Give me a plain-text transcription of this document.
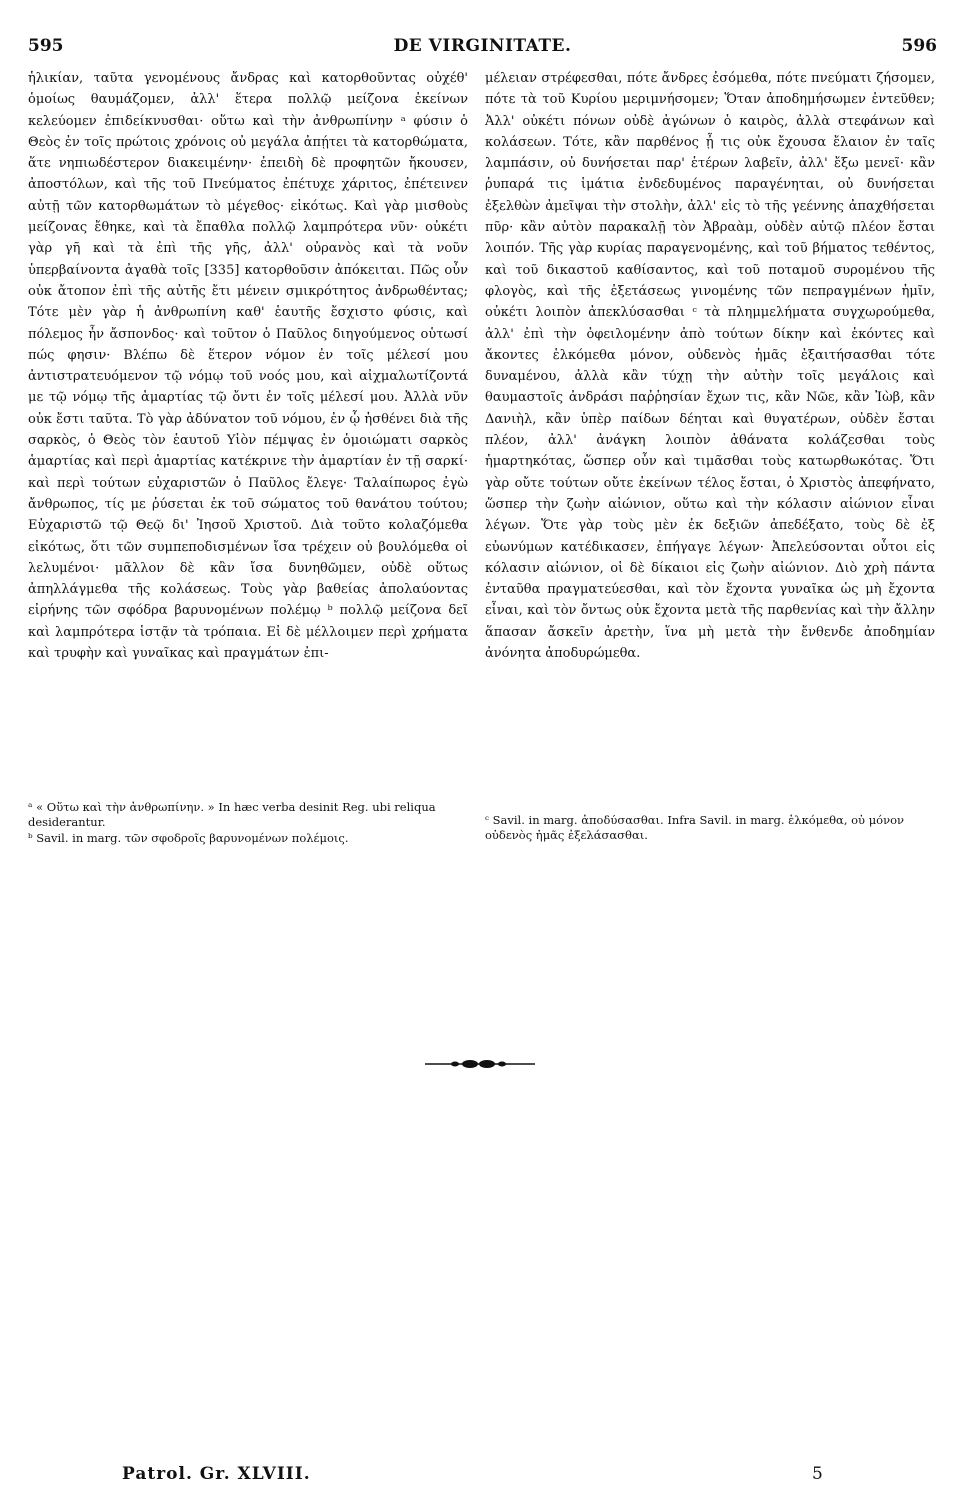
595	DE VIRGINITATE.	596

ἡλικίαν, ταῦτα γενομένους ἄνδρας καὶ κατορθοῦντας οὐχέθ' ὁμοίως θαυμάζομεν, ἀλλ' ἕτερα πολλῷ μείζονα ἐκείνων κελεύομεν ἐπιδείκνυσθαι· οὕτω καὶ τὴν ἀνθρωπίνην ᵃ φύσιν ὁ Θεὸς ἐν τοῖς πρώτοις χρόνοις οὐ μεγάλα ἀπῄτει τὰ κατορθώματα, ἅτε νηπιωδέστερον διακειμένην· ἐπειδὴ δὲ προφητῶν ἤκουσεν, ἀποστόλων, καὶ τῆς τοῦ Πνεύματος ἐπέτυχε χάριτος, ἐπέτεινεν αὐτῇ τῶν κατορθωμάτων τὸ μέγεθος· εἰκότως. Καὶ γὰρ μισθοὺς μείζονας ἔθηκε, καὶ τὰ ἔπαθλα πολλῷ λαμπρότερα νῦν· οὐκέτι γὰρ γῆ καὶ τὰ ἐπὶ τῆς γῆς, ἀλλ' οὐρανὸς καὶ τὰ νοῦν ὑπερβαίνοντα ἀγαθὰ τοῖς [335] κατορθοῦσιν ἀπόκειται. Πῶς οὖν οὐκ ἄτοπον ἐπὶ τῆς αὐτῆς ἔτι μένειν σμικρότητος ἀνδρωθέντας; Τότε μὲν γὰρ ἡ ἀνθρωπίνη καθ' ἑαυτῆς ἔσχιστο φύσις, καὶ πόλεμος ἦν ἄσπονδος· καὶ τοῦτον ὁ Παῦλος διηγούμενος οὑτωσί πώς φησιν· Βλέπω δὲ ἕτερον νόμον ἐν τοῖς μέλεσί μου ἀντιστρατευόμενον τῷ νόμῳ τοῦ νοός μου, καὶ αἰχμαλωτίζοντά με τῷ νόμῳ τῆς ἁμαρτίας τῷ ὄντι ἐν τοῖς μέλεσί μου. Ἀλλὰ νῦν οὐκ ἔστι ταῦτα. Τὸ γὰρ ἀδύνατον τοῦ νόμου, ἐν ᾧ ἠσθένει διὰ τῆς σαρκὸς, ὁ Θεὸς τὸν ἑαυτοῦ Υἱὸν πέμψας ἐν ὁμοιώματι σαρκὸς ἁμαρτίας καὶ περὶ ἁμαρτίας κατέκρινε τὴν ἁμαρτίαν ἐν τῇ σαρκί· καὶ περὶ τούτων εὐχαριστῶν ὁ Παῦλος ἔλεγε· Ταλαίπωρος ἐγὼ ἄνθρωπος, τίς με ῥύσεται ἐκ τοῦ σώματος τοῦ θανάτου τούτου; Εὐχαριστῶ τῷ Θεῷ δι' Ἰησοῦ Χριστοῦ. Διὰ τοῦτο κολαζόμεθα εἰκότως, ὅτι τῶν συμπεποδισμένων ἴσα τρέχειν οὐ βουλόμεθα οἱ λελυμένοι· μᾶλλον δὲ κἂν ἴσα δυνηθῶμεν, οὐδὲ οὕτως ἀπηλλάγμεθα τῆς κολάσεως. Τοὺς γὰρ βαθείας ἀπολαύοντας εἰρήνης τῶν σφόδρα βαρυνομένων πολέμῳ ᵇ πολλῷ μείζονα δεῖ καὶ λαμπρότερα ἱστᾷν τὰ τρόπαια. Εἰ δὲ μέλλοιμεν περὶ χρήματα καὶ τρυφὴν καὶ γυναῖκας καὶ πραγμάτων ἐπι-

μέλειαν στρέφεσθαι, πότε ἄνδρες ἐσόμεθα, πότε πνεύματι ζήσομεν, πότε τὰ τοῦ Κυρίου μεριμνήσομεν; Ὅταν ἀποδημήσωμεν ἐντεῦθεν; Ἀλλ' οὐκέτι πόνων οὐδὲ ἀγώνων ὁ καιρὸς, ἀλλὰ στεφάνων καὶ κολάσεων. Τότε, κἂν παρθένος ᾖ τις οὐκ ἔχουσα ἔλαιον ἐν ταῖς λαμπάσιν, οὐ δυνήσεται παρ' ἑτέρων λαβεῖν, ἀλλ' ἔξω μενεῖ· κἂν ῥυπαρά τις ἱμάτια ἐνδεδυμένος παραγένηται, οὐ δυνήσεται ἐξελθὼν ἀμεῖψαι τὴν στολὴν, ἀλλ' εἰς τὸ τῆς γεέννης ἀπαχθήσεται πῦρ· κἂν αὐτὸν παρακαλῇ τὸν Ἀβραὰμ, οὐδὲν αὐτῷ πλέον ἔσται λοιπόν. Τῆς γὰρ κυρίας παραγενομένης, καὶ τοῦ βήματος τεθέντος, καὶ τοῦ δικαστοῦ καθίσαντος, καὶ τοῦ ποταμοῦ συρομένου τῆς φλογὸς, καὶ τῆς ἐξετάσεως γινομένης τῶν πεπραγμένων ἡμῖν, οὐκέτι λοιπὸν ἀπεκλύσασθαι ᶜ τὰ πλημμελήματα συγχωρούμεθα, ἀλλ' ἐπὶ τὴν ὀφειλομένην ἀπὸ τούτων δίκην καὶ ἑκόντες καὶ ἄκοντες ἑλκόμεθα μόνον, οὐδενὸς ἡμᾶς ἐξαιτήσασθαι τότε δυναμένου, ἀλλὰ κἂν τύχῃ τὴν αὐτὴν τοῖς μεγάλοις καὶ θαυμαστοῖς ἀνδράσι παῤῥησίαν ἔχων τις, κἂν Νῶε, κἂν Ἰὼβ, κἂν Δανιὴλ, κἂν ὑπὲρ παίδων δέηται καὶ θυγατέρων, οὐδὲν ἔσται πλέον, ἀλλ' ἀνάγκη λοιπὸν ἀθάνατα κολάζεσθαι τοὺς ἡμαρτηκότας, ὥσπερ οὖν καὶ τιμᾶσθαι τοὺς κατωρθωκότας. Ὅτι γὰρ οὔτε τούτων οὔτε ἐκείνων τέλος ἔσται, ὁ Χριστὸς ἀπεφήνατο, ὥσπερ τὴν ζωὴν αἰώνιον, οὕτω καὶ τὴν κόλασιν αἰώνιον εἶναι λέγων. Ὅτε γὰρ τοὺς μὲν ἐκ δεξιῶν ἀπεδέξατο, τοὺς δὲ ἐξ εὐωνύμων κατέδικασεν, ἐπήγαγε λέγων· Ἀπελεύσονται οὗτοι εἰς κόλασιν αἰώνιον, οἱ δὲ δίκαιοι εἰς ζωὴν αἰώνιον. Διὸ χρὴ πάντα ἐνταῦθα πραγματεύεσθαι, καὶ τὸν ἔχοντα γυναῖκα ὡς μὴ ἔχοντα εἶναι, καὶ τὸν ὄντως οὐκ ἔχοντα μετὰ τῆς παρθενίας καὶ τὴν ἄλλην ἅπασαν ἄσκεῖν ἀρετὴν, ἵνα μὴ μετὰ τὴν ἔνθενδε ἀποδημίαν ἀνόνητα ἀποδυρώμεθα.

ᵃ « Οὕτω καὶ τὴν ἀνθρωπίνην. » In hæc verba desinit Reg. ubi reliqua desiderantur.
ᵇ Savil. in marg. τῶν σφοδροῖς βαρυνομένων πολέμοις.
ᶜ Savil. in marg. ἀποδύσασθαι. Infra Savil. in marg. ἑλκόμεθα, οὐ μόνον οὐδενὸς ἡμᾶς ἐξελάσασθαι.
Patrol. Gr. XLVIII.	5
